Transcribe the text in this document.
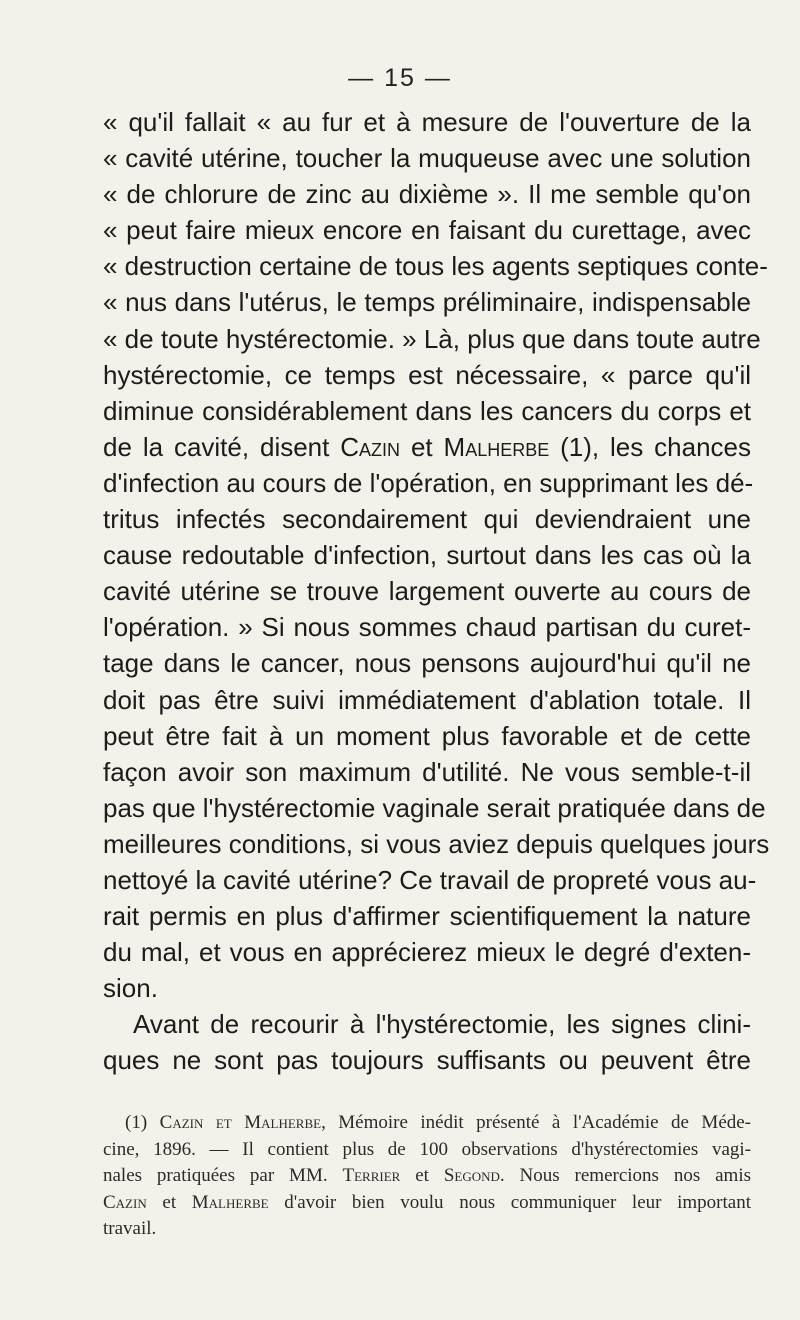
— 15 —
« qu'il fallait « au fur et à mesure de l'ouverture de la
« cavité utérine, toucher la muqueuse avec une solution
« de chlorure de zinc au dixième ». Il me semble qu'on
« peut faire mieux encore en faisant du curettage, avec
« destruction certaine de tous les agents septiques conte-
« nus dans l'utérus, le temps préliminaire, indispensable
« de toute hystérectomie. » Là, plus que dans toute autre
hystérectomie, ce temps est nécessaire, « parce qu'il
diminue considérablement dans les cancers du corps et
de la cavité, disent Cazin et Malherbe (1), les chances
d'infection au cours de l'opération, en supprimant les dé-
tritus infectés secondairement qui deviendraient une
cause redoutable d'infection, surtout dans les cas où la
cavité utérine se trouve largement ouverte au cours de
l'opération. » Si nous sommes chaud partisan du curet-
tage dans le cancer, nous pensons aujourd'hui qu'il ne
doit pas être suivi immédiatement d'ablation totale. Il
peut être fait à un moment plus favorable et de cette
façon avoir son maximum d'utilité. Ne vous semble-t-il
pas que l'hystérectomie vaginale serait pratiquée dans de
meilleures conditions, si vous aviez depuis quelques jours
nettoyé la cavité utérine? Ce travail de propreté vous au-
rait permis en plus d'affirmer scientifiquement la nature
du mal, et vous en apprécierez mieux le degré d'exten-
sion.
Avant de recourir à l'hystérectomie, les signes clini-
ques ne sont pas toujours suffisants ou peuvent être
(1) Cazin et Malherbe, Mémoire inédit présenté à l'Académie de Méde-
cine, 1896. — Il contient plus de 100 observations d'hystérectomies vagi-
nales pratiquées par MM. Terrier et Segond. Nous remercions nos amis
Cazin et Malherbe d'avoir bien voulu nous communiquer leur important
travail.
